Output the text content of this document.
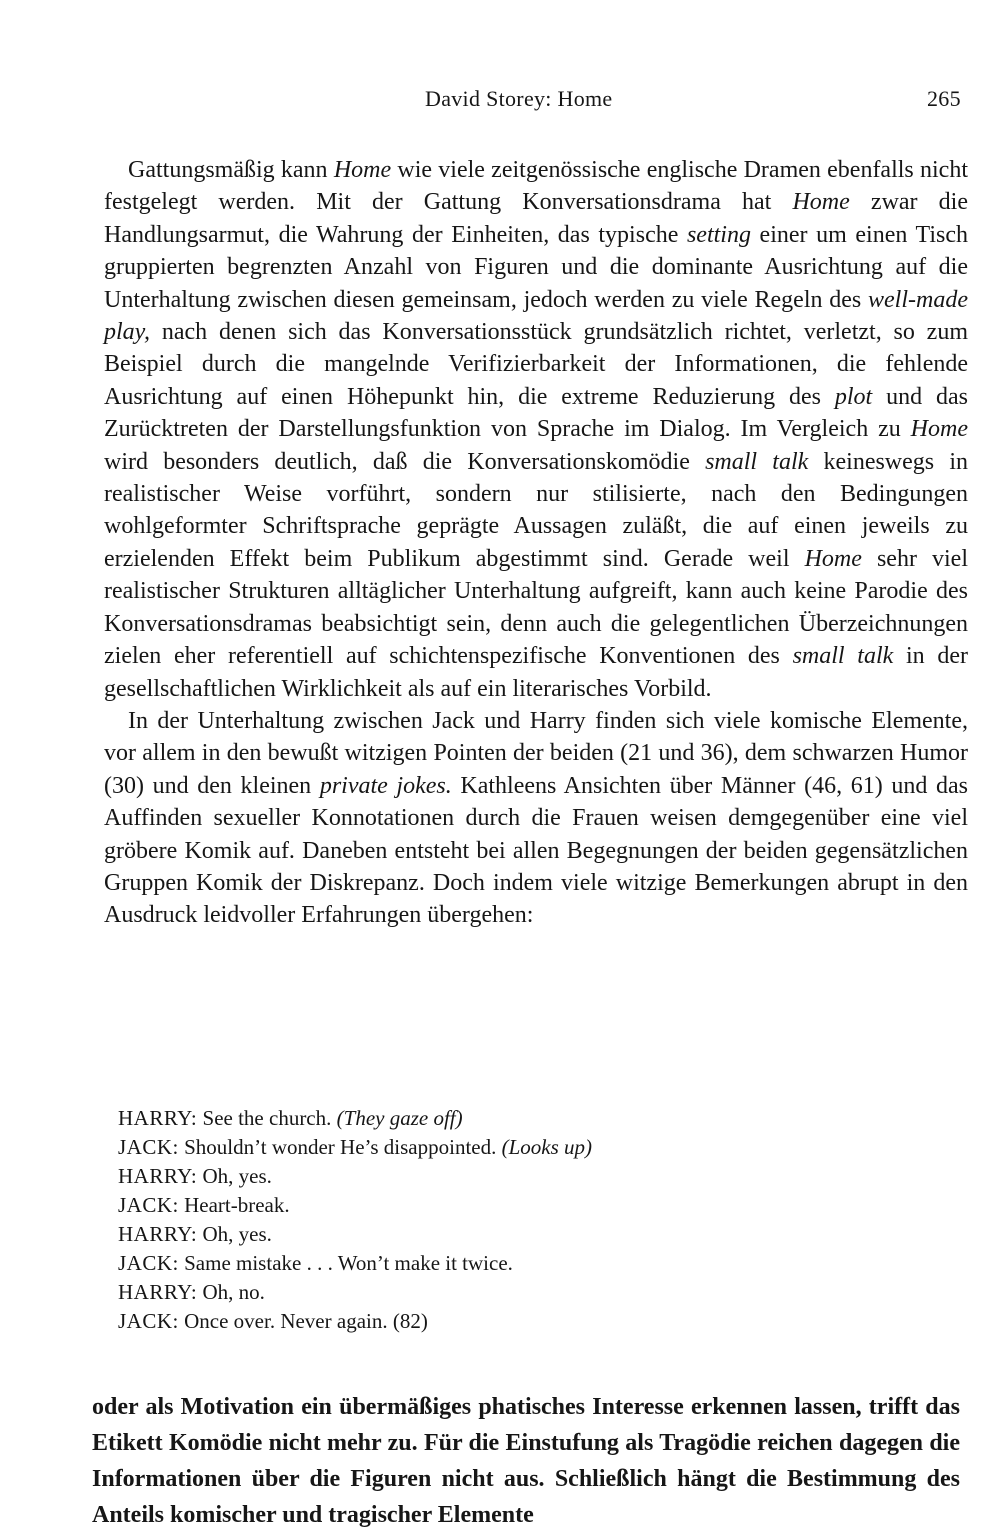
David Storey: Home	265

Gattungsmäßig kann Home wie viele zeitgenössische englische Dramen ebenfalls nicht festgelegt werden. Mit der Gattung Konversationsdrama hat Home zwar die Handlungsarmut, die Wahrung der Einheiten, das typische setting einer um einen Tisch gruppierten begrenzten Anzahl von Figuren und die dominante Ausrichtung auf die Unterhaltung zwischen diesen gemeinsam, jedoch werden zu viele Regeln des well-made play, nach denen sich das Konversationsstück grundsätzlich richtet, verletzt, so zum Beispiel durch die mangelnde Verifizierbarkeit der Informationen, die fehlende Ausrichtung auf einen Höhepunkt hin, die extreme Reduzierung des plot und das Zurücktreten der Darstellungsfunktion von Sprache im Dialog. Im Vergleich zu Home wird besonders deutlich, daß die Konversationskomödie small talk keineswegs in realistischer Weise vorführt, sondern nur stilisierte, nach den Bedingungen wohlgeformter Schriftsprache geprägte Aussagen zuläßt, die auf einen jeweils zu erzielenden Effekt beim Publikum abgestimmt sind. Gerade weil Home sehr viel realistischer Strukturen alltäglicher Unterhaltung aufgreift, kann auch keine Parodie des Konversationsdramas beabsichtigt sein, denn auch die gelegentlichen Überzeichnungen zielen eher referentiell auf schichtenspezifische Konventionen des small talk in der gesellschaftlichen Wirklichkeit als auf ein literarisches Vorbild.

In der Unterhaltung zwischen Jack und Harry finden sich viele komische Elemente, vor allem in den bewußt witzigen Pointen der beiden (21 und 36), dem schwarzen Humor (30) und den kleinen private jokes. Kathleens Ansichten über Männer (46, 61) und das Auffinden sexueller Konnotationen durch die Frauen weisen demgegenüber eine viel gröbere Komik auf. Daneben entsteht bei allen Begegnungen der beiden gegensätzlichen Gruppen Komik der Diskrepanz. Doch indem viele witzige Bemerkungen abrupt in den Ausdruck leidvoller Erfahrungen übergehen:

HARRY: See the church. (They gaze off)
JACK: Shouldn’t wonder He’s disappointed. (Looks up)
HARRY: Oh, yes.
JACK: Heart-break.
HARRY: Oh, yes.
JACK: Same mistake . . . Won’t make it twice.
HARRY: Oh, no.
JACK: Once over. Never again. (82)
oder als Motivation ein übermäßiges phatisches Interesse erkennen lassen, trifft das Etikett Komödie nicht mehr zu. Für die Einstufung als Tragödie reichen dagegen die Informationen über die Figuren nicht aus. Schließlich hängt die Bestimmung des Anteils komischer und tragischer Elemente
